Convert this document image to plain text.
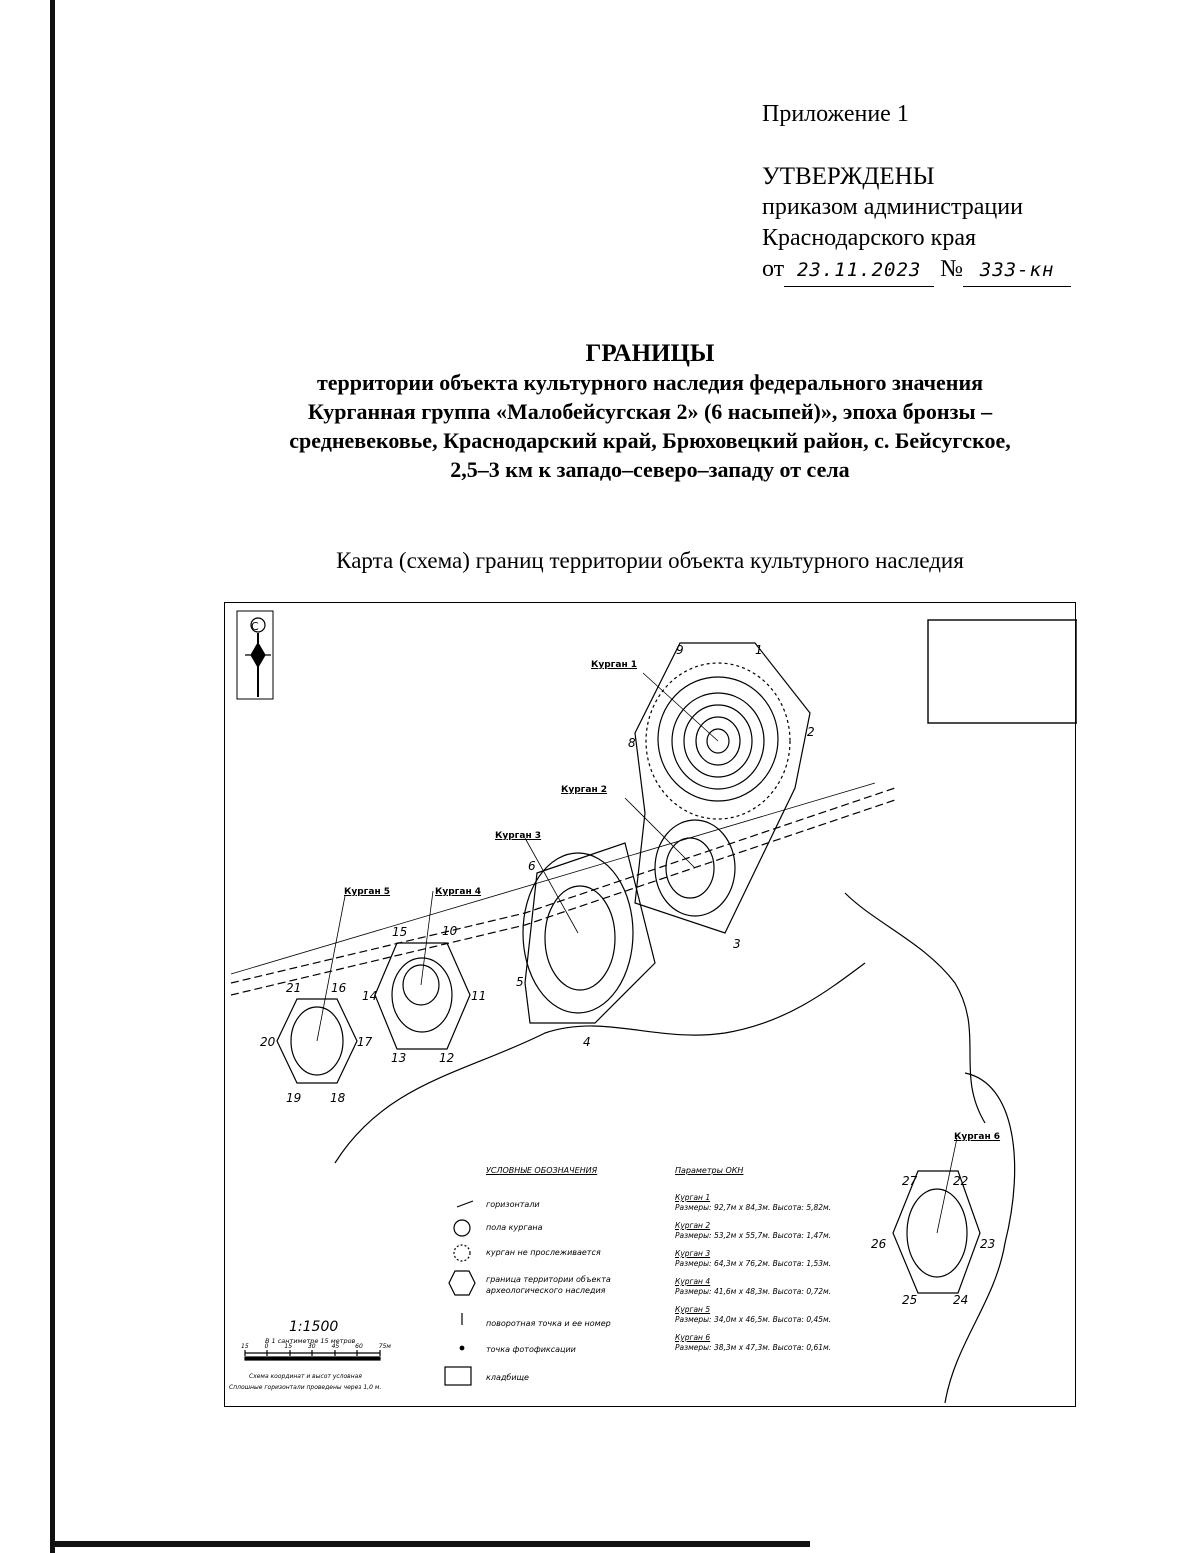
Приложение 1
УТВЕРЖДЕНЫ
приказом администрации
Краснодарского края
от 23.11.2023 № 333-кн
ГРАНИЦЫ
территории объекта культурного наследия федерального значения
Курганная группа «Малобейсугская 2» (6 насыпей)», эпоха бронзы –
средневековье, Краснодарский край, Брюховецкий район, с. Бейсугское,
2,5–3 км к западо–северо–западу от села
Карта (схема) границ территории объекта культурного наследия
С
Курган 1
Курган 2
Курган 3
Курган 4
Курган 5
Курган 6
1
2
3
4
5
6
8
9
10
11
12
13
14
15
16
17
18
19
20
21
22
23
24
25
26
27
УСЛОВНЫЕ ОБОЗНАЧЕНИЯ
горизонтали
пола кургана
курган не прослеживается
граница территории объекта
археологического наследия
поворотная точка и ее номер
точка фотофиксации
кладбище
Параметры ОКН
Курган 1
Размеры: 92,7м х 84,3м. Высота: 5,82м.
Курган 2
Размеры: 53,2м х 55,7м. Высота: 1,47м.
Курган 3
Размеры: 64,3м х 76,2м. Высота: 1,53м.
Курган 4
Размеры: 41,6м х 48,3м. Высота: 0,72м.
Курган 5
Размеры: 34,0м х 46,5м. Высота: 0,45м.
Курган 6
Размеры: 38,3м х 47,3м. Высота: 0,61м.
1:1500
В 1 сантиметре 15 метров
15	0	15	30	45	60	75м
Схема координат и высот условная
Сплошные горизонтали проведены через 1,0 м.
